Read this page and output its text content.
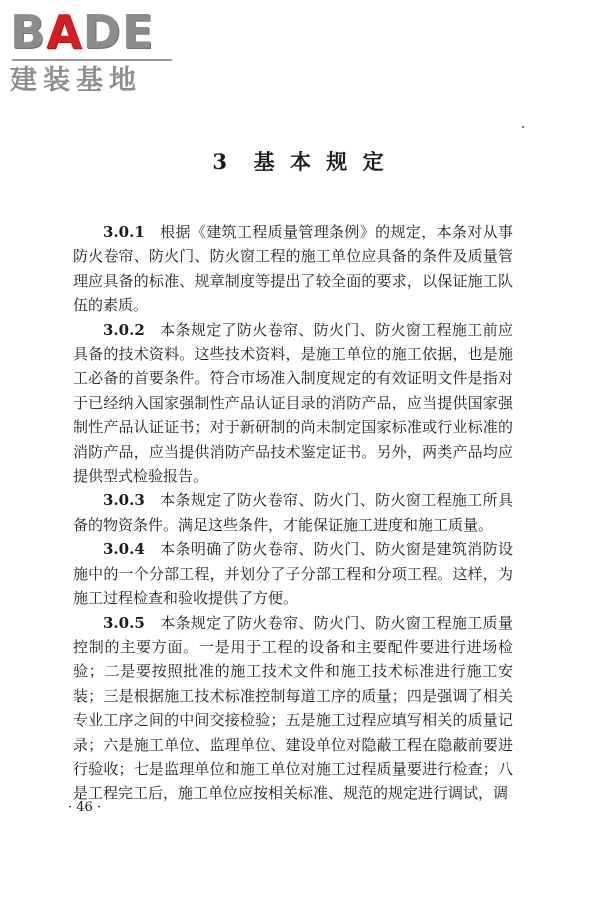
BADE
建装基地
3  基 本 规 定

3.0.1 根据《建筑工程质量管理条例》的规定，本条对从事防火卷帘、防火门、防火窗工程的施工单位应具备的条件及质量管理应具备的标准、规章制度等提出了较全面的要求，以保证施工队伍的素质。

3.0.2 本条规定了防火卷帘、防火门、防火窗工程施工前应具备的技术资料。这些技术资料，是施工单位的施工依据，也是施工必备的首要条件。符合市场准入制度规定的有效证明文件是指对于已经纳入国家强制性产品认证目录的消防产品，应当提供国家强制性产品认证证书；对于新研制的尚未制定国家标准或行业标准的消防产品，应当提供消防产品技术鉴定证书。另外，两类产品均应提供型式检验报告。

3.0.3 本条规定了防火卷帘、防火门、防火窗工程施工所具备的物资条件。满足这些条件，才能保证施工进度和施工质量。

3.0.4 本条明确了防火卷帘、防火门、防火窗是建筑消防设施中的一个分部工程，并划分了子分部工程和分项工程。这样，为施工过程检查和验收提供了方便。

3.0.5 本条规定了防火卷帘、防火门、防火窗工程施工质量控制的主要方面。一是用于工程的设备和主要配件要进行进场检验；二是要按照批准的施工技术文件和施工技术标准进行施工安装；三是根据施工技术标准控制每道工序的质量；四是强调了相关专业工序之间的中间交接检验；五是施工过程应填写相关的质量记录；六是施工单位、监理单位、建设单位对隐蔽工程在隐蔽前要进行验收；七是监理单位和施工单位对施工过程质量要进行检查；八是工程完工后，施工单位应按相关标准、规范的规定进行调试，调

· 46 ·
